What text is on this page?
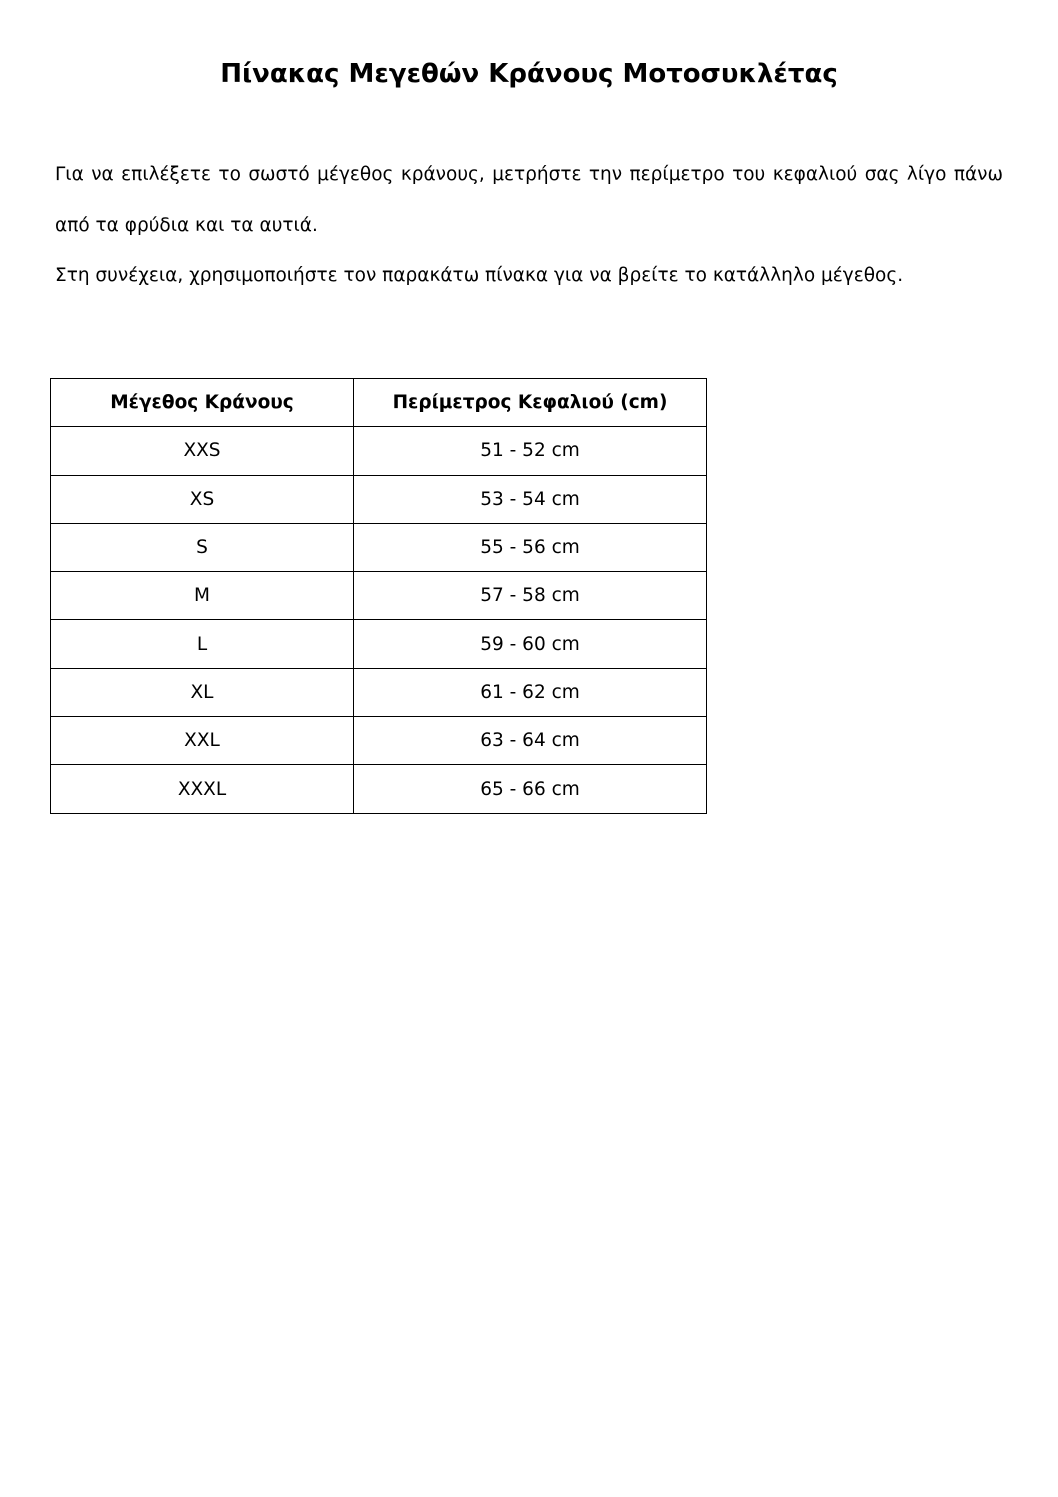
Πίνακας Μεγεθών Κράνους Μοτοσυκλέτας

Για να επιλέξετε το σωστό μέγεθος κράνους, μετρήστε την περίμετρο του κεφαλιού σας λίγο πάνω από τα φρύδια και τα αυτιά.

Στη συνέχεια, χρησιμοποιήστε τον παρακάτω πίνακα για να βρείτε το κατάλληλο μέγεθος.

Μέγεθος Κράνους	Περίμετρος Κεφαλιού (cm)
XXS	51 - 52 cm
XS	53 - 54 cm
S	55 - 56 cm
M	57 - 58 cm
L	59 - 60 cm
XL	61 - 62 cm
XXL	63 - 64 cm
XXXL	65 - 66 cm
